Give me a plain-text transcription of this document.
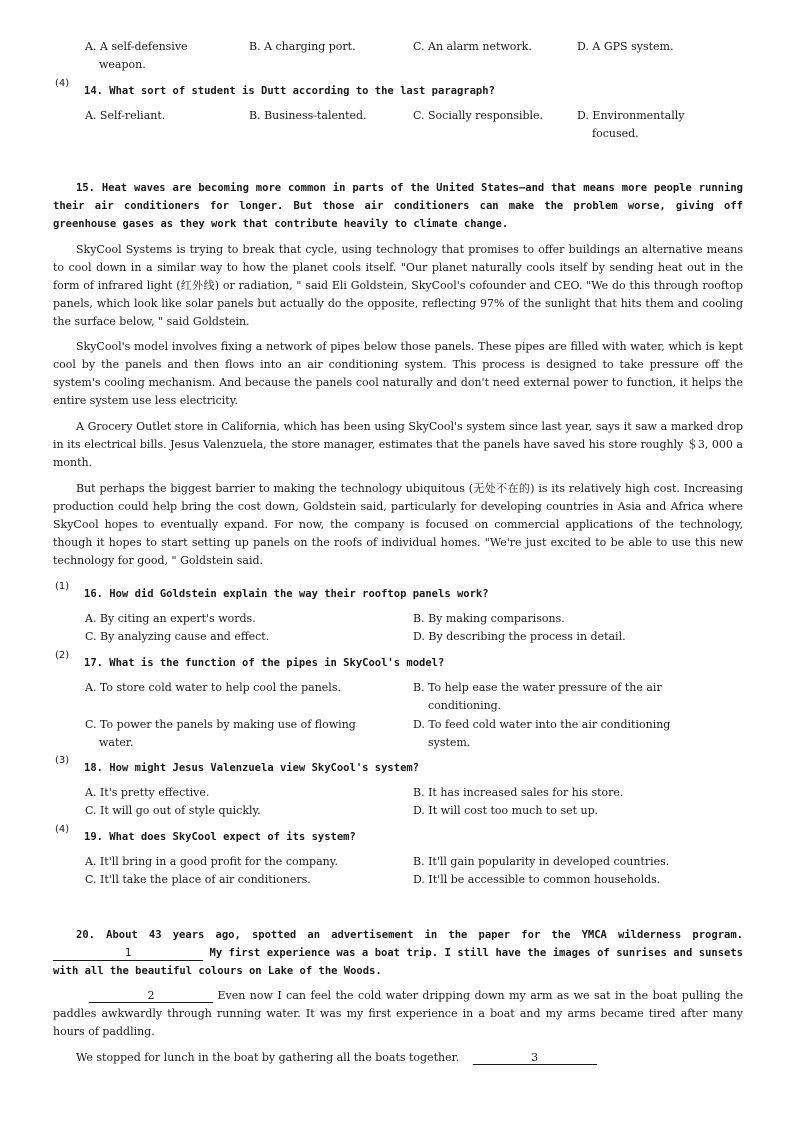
A. A self-defensive
weapon.
B. A charging port.	C. An alarm network.	D. A GPS system.
(4)
14. What sort of student is Dutt according to the last paragraph?
A. Self-reliant.	B. Business-talented.	C. Socially responsible.	D. Environmentally
focused.
15. Heat waves are becoming more common in parts of the United States—and that means more people running their air conditioners for longer. But those air conditioners can make the problem worse, giving off greenhouse gases as they work that contribute heavily to climate change.
SkyCool Systems is trying to break that cycle, using technology that promises to offer buildings an alternative means to cool down in a similar way to how the planet cools itself. "Our planet naturally cools itself by sending heat out in the form of infrared light (红外线) or radiation, " said Eli Goldstein, SkyCool's cofounder and CEO. "We do this through rooftop panels, which look like solar panels but actually do the opposite, reflecting 97% of the sunlight that hits them and cooling the surface below, " said Goldstein.
SkyCool's model involves fixing a network of pipes below those panels. These pipes are filled with water, which is kept cool by the panels and then flows into an air conditioning system. This process is designed to take pressure off the system's cooling mechanism. And because the panels cool naturally and don't need external power to function, it helps the entire system use less electricity.
A Grocery Outlet store in California, which has been using SkyCool's system since last year, says it saw a marked drop in its electrical bills. Jesus Valenzuela, the store manager, estimates that the panels have saved his store roughly ＄3, 000 a month.
But perhaps the biggest barrier to making the technology ubiquitous (无处不在的) is its relatively high cost. Increasing production could help bring the cost down, Goldstein said, particularly for developing countries in Asia and Africa where SkyCool hopes to eventually expand. For now, the company is focused on commercial applications of the technology, though it hopes to start setting up panels on the roofs of individual homes. "We're just excited to be able to use this new technology for good, " Goldstein said.
(1)
16. How did Goldstein explain the way their rooftop panels work?
A. By citing an expert's words.	B. By making comparisons.
C. By analyzing cause and effect.	D. By describing the process in detail.
(2)
17. What is the function of the pipes in SkyCool's model?
A. To store cold water to help cool the panels.	B. To help ease the water pressure of the air
conditioning.
C. To power the panels by making use of flowing
water.
D. To feed cold water into the air conditioning
system.
(3)
18. How might Jesus Valenzuela view SkyCool's system?
A. It's pretty effective.	B. It has increased sales for his store.
C. It will go out of style quickly.	D. It will cost too much to set up.
(4)
19. What does SkyCool expect of its system?
A. It'll bring in a good profit for the company.	B. It'll gain popularity in developed countries.
C. It'll take the place of air conditioners.	D. It'll be accessible to common households.
20. About 43 years ago, spotted an advertisement in the paper for the YMCA wilderness program. 1	My first experience was a boat trip. I still have the images of sunrises and sunsets with all the beautiful colours on Lake of the Woods.
2	Even now I can feel the cold water dripping down my arm as we sat in the boat pulling the paddles awkwardly through running water. It was my first experience in a boat and my arms became tired after many hours of paddling.
We stopped for lunch in the boat by gathering all the boats together.	3
